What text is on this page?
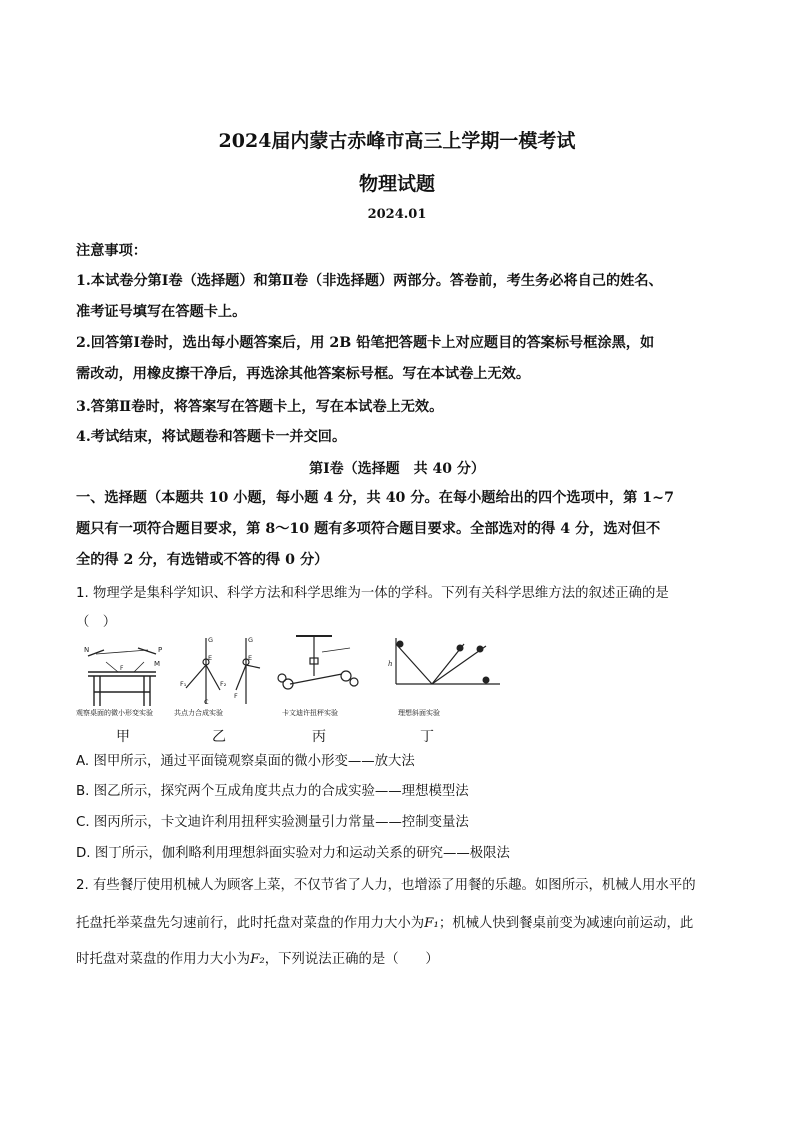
2024届内蒙古赤峰市高三上学期一模考试
物理试题
2024.01
注意事项：
1.本试卷分第Ⅰ卷（选择题）和第Ⅱ卷（非选择题）两部分。答卷前，考生务必将自己的姓名、
准考证号填写在答题卡上。
2.回答第Ⅰ卷时，选出每小题答案后，用 2B 铅笔把答题卡上对应题目的答案标号框涂黑，如
需改动，用橡皮擦干净后，再选涂其他答案标号框。写在本试卷上无效。
3.答第Ⅱ卷时，将答案写在答题卡上，写在本试卷上无效。
4.考试结束，将试题卷和答题卡一并交回。
第Ⅰ卷（选择题　共 40 分）
一、选择题（本题共 10 小题，每小题 4 分，共 40 分。在每小题给出的四个选项中，第 1~7
题只有一项符合题目要求，第 8～10 题有多项符合题目要求。全部选对的得 4 分，选对但不
全的得 2 分，有选错或不答的得 0 分）
1. 物理学是集科学知识、科学方法和科学思维为一体的学科。下列有关科学思维方法的叙述正确的是
（　）
N	P
M
F
观察桌面的微小形变实验
甲
G	G
F₁	F₂
C
F
E	E
共点力合成实验
乙
卡文迪许扭秤实验
丙
h
理想斜面实验
丁
A. 图甲所示，通过平面镜观察桌面的微小形变——放大法
B. 图乙所示，探究两个互成角度共点力的合成实验——理想模型法
C. 图丙所示，卡文迪许利用扭秤实验测量引力常量——控制变量法
D. 图丁所示，伽利略利用理想斜面实验对力和运动关系的研究——极限法
2. 有些餐厅使用机械人为顾客上菜，不仅节省了人力，也增添了用餐的乐趣。如图所示，机械人用水平的
托盘托举菜盘先匀速前行，此时托盘对菜盘的作用力大小为F₁；机械人快到餐桌前变为减速向前运动，此
时托盘对菜盘的作用力大小为F₂，下列说法正确的是（　　）
